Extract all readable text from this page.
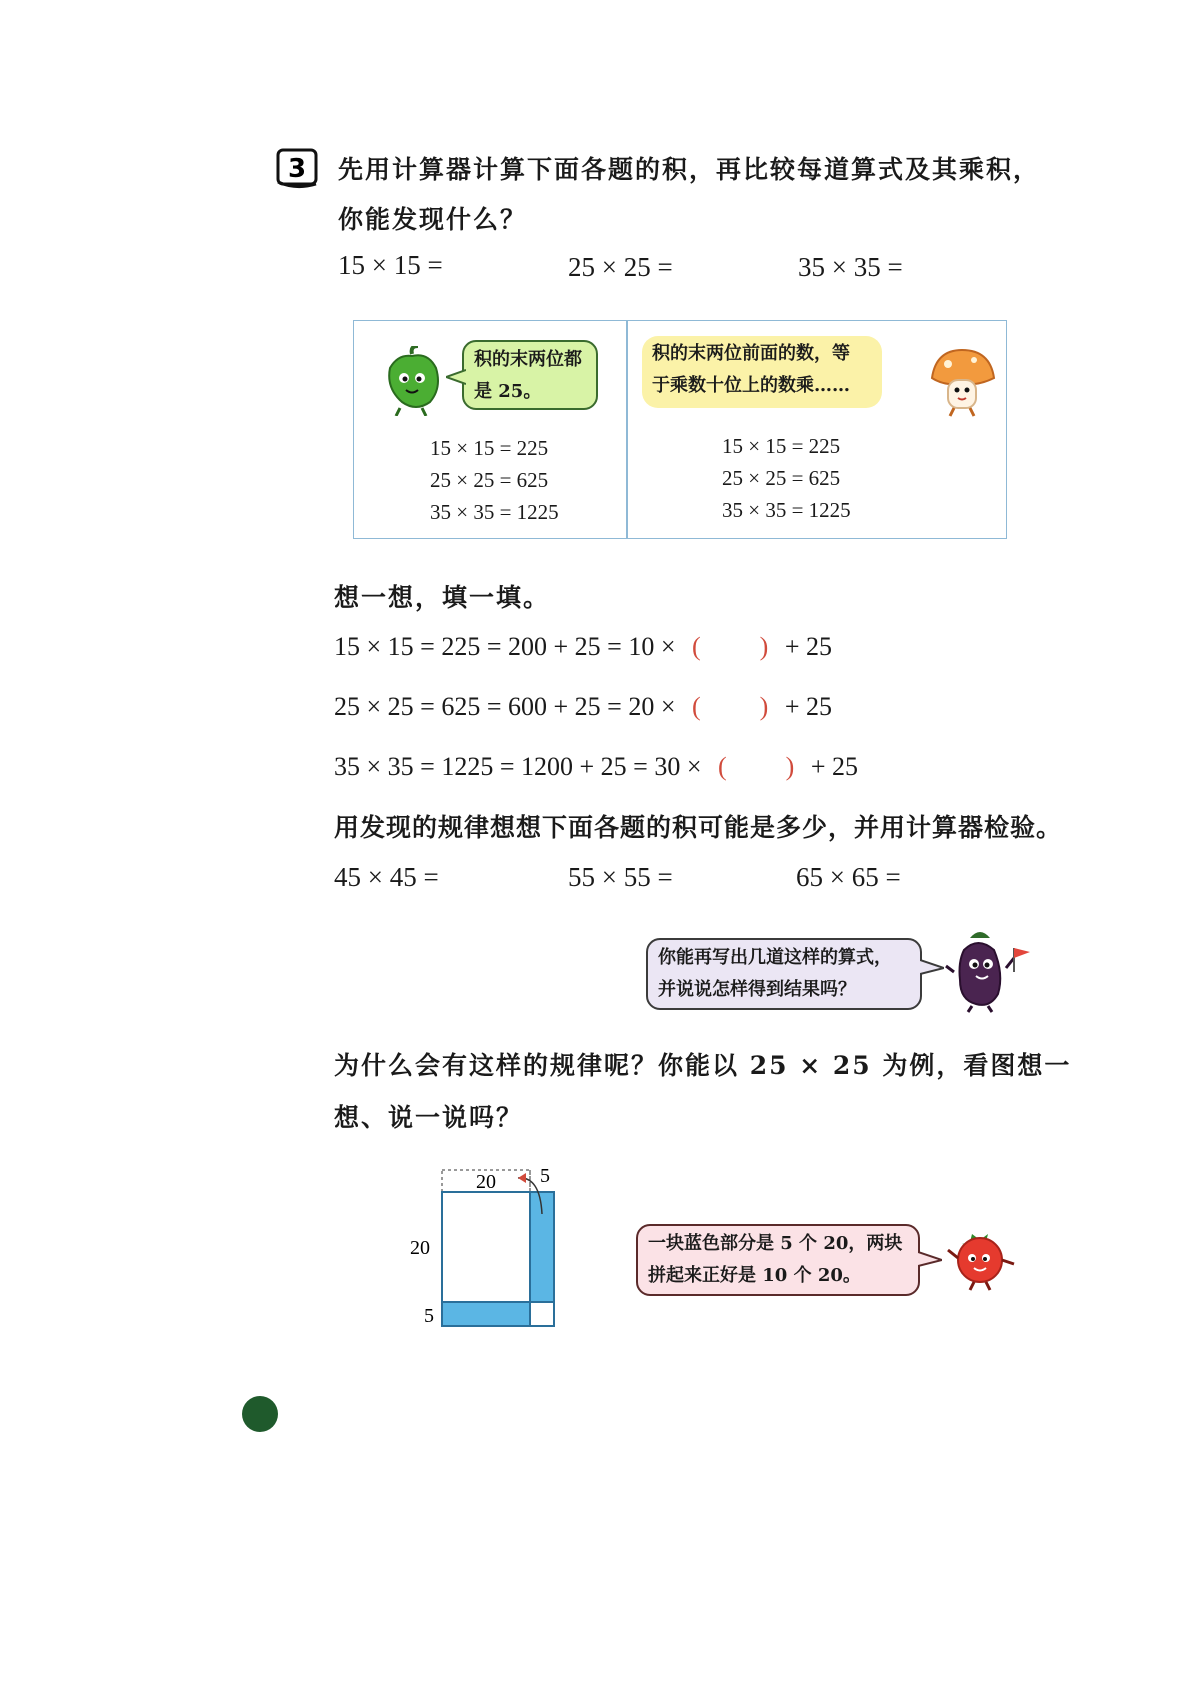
3 先用计算器计算下面各题的积，再比较每道算式及其乘积，
你能发现什么？
15 × 15 =	25 × 25 =	35 × 35 =
积的末两位都
是 25。
15 × 15 = 225
25 × 25 = 625
35 × 35 = 1225
积的末两位前面的数，等
于乘数十位上的数乘……
15 × 15 = 225
25 × 25 = 625
35 × 35 = 1225
想一想，填一填。
15 × 15 = 225 = 200 + 25 = 10 × ( ) + 25
25 × 25 = 625 = 600 + 25 = 20 × ( ) + 25
35 × 35 = 1225 = 1200 + 25 = 30 × ( ) + 25
用发现的规律想想下面各题的积可能是多少，并用计算器检验。
45 × 45 =	55 × 55 =	65 × 65 =
你能再写出几道这样的算式，
并说说怎样得到结果吗？
为什么会有这样的规律呢？你能以 25 × 25 为例，看图想一
想、说一说吗？
20 5
20
5
一块蓝色部分是 5 个 20，两块
拼起来正好是 10 个 20。
